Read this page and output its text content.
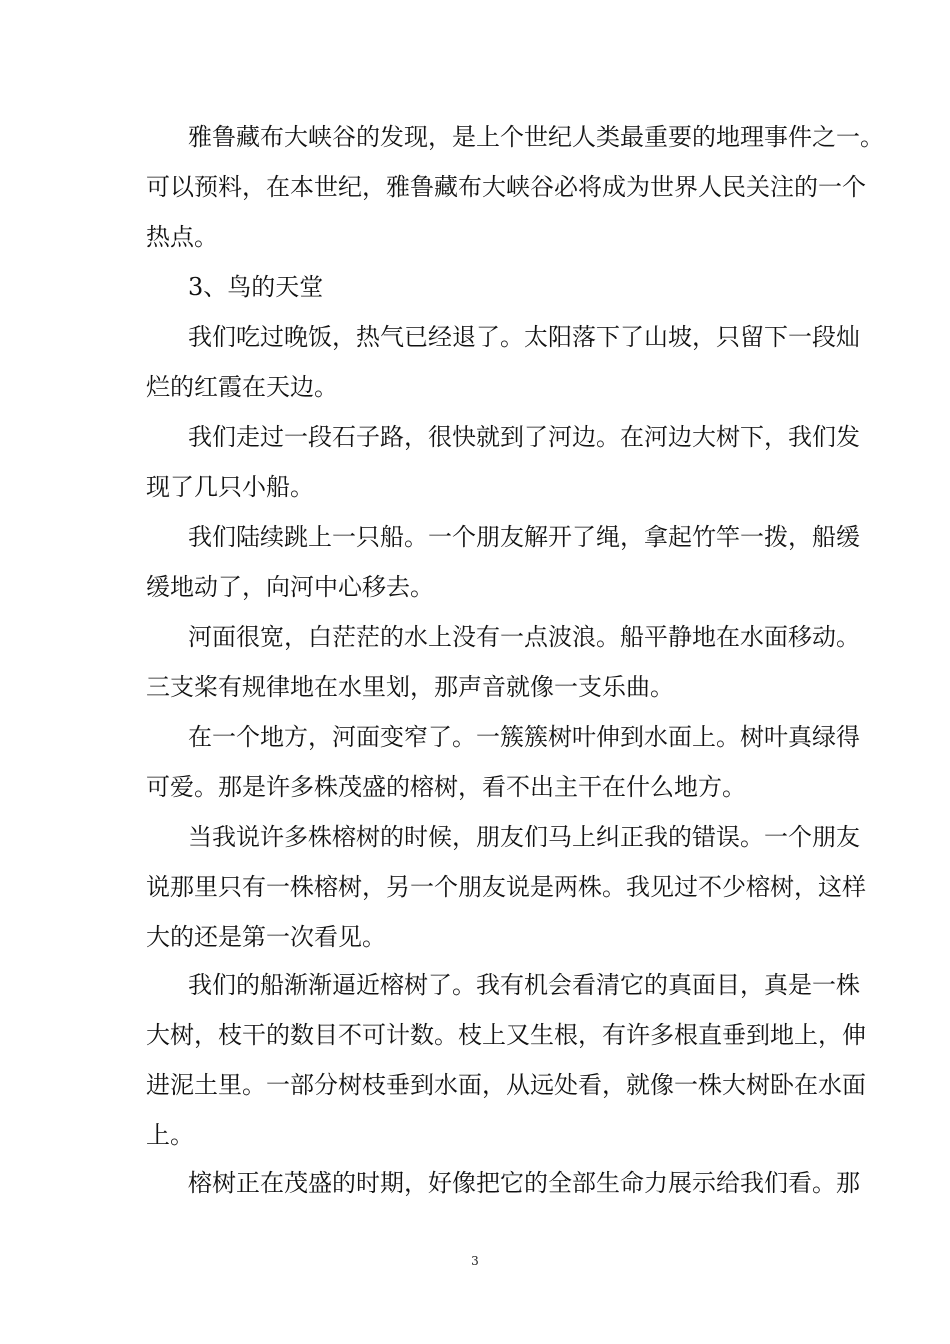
雅鲁藏布大峡谷的发现，是上个世纪人类最重要的地理事件之一。
可以预料，在本世纪，雅鲁藏布大峡谷必将成为世界人民关注的一个
热点。
3、鸟的天堂
我们吃过晚饭，热气已经退了。太阳落下了山坡，只留下一段灿
烂的红霞在天边。
我们走过一段石子路，很快就到了河边。在河边大树下，我们发
现了几只小船。
我们陆续跳上一只船。一个朋友解开了绳，拿起竹竿一拨，船缓
缓地动了，向河中心移去。
河面很宽，白茫茫的水上没有一点波浪。船平静地在水面移动。
三支桨有规律地在水里划，那声音就像一支乐曲。
在一个地方，河面变窄了。一簇簇树叶伸到水面上。树叶真绿得
可爱。那是许多株茂盛的榕树，看不出主干在什么地方。
当我说许多株榕树的时候，朋友们马上纠正我的错误。一个朋友
说那里只有一株榕树，另一个朋友说是两株。我见过不少榕树，这样
大的还是第一次看见。
我们的船渐渐逼近榕树了。我有机会看清它的真面目，真是一株
大树，枝干的数目不可计数。枝上又生根，有许多根直垂到地上，伸
进泥土里。一部分树枝垂到水面，从远处看，就像一株大树卧在水面
上。
榕树正在茂盛的时期，好像把它的全部生命力展示给我们看。那
3
